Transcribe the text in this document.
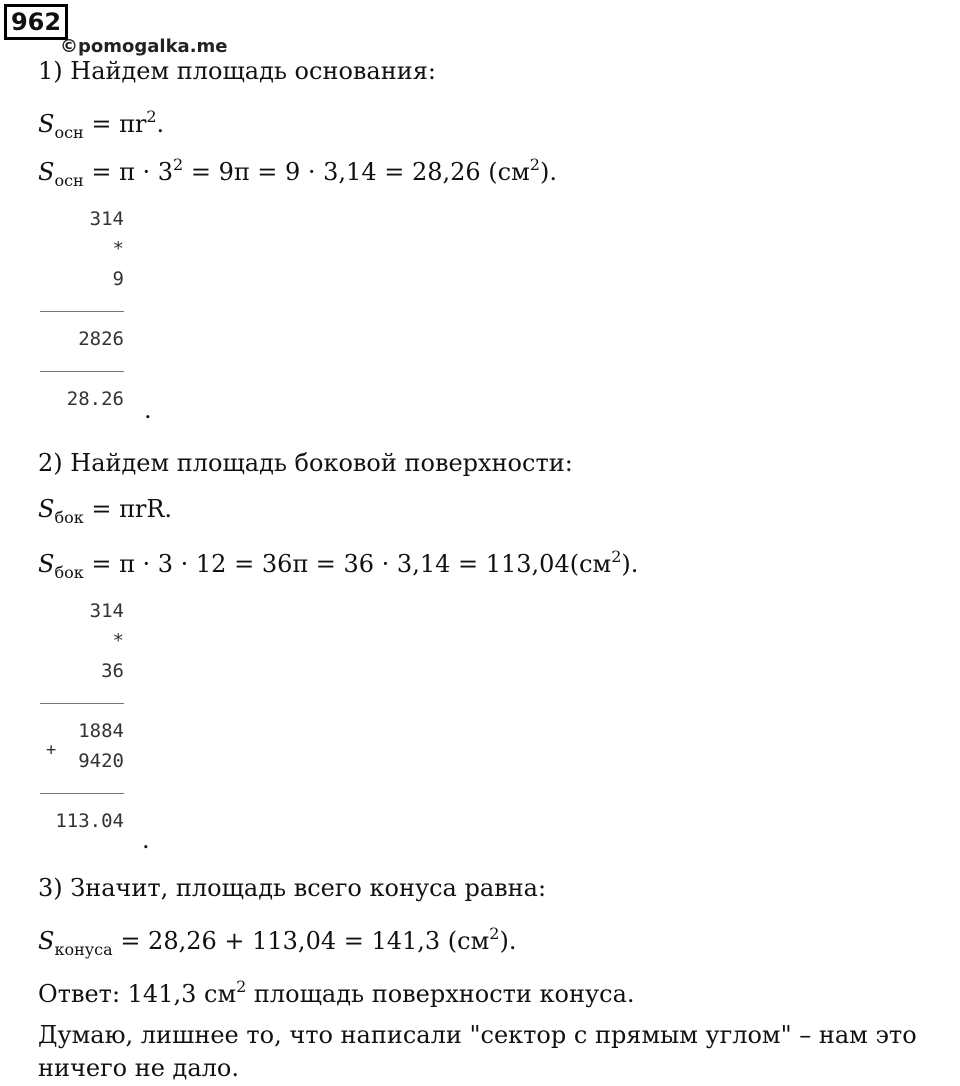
962
©pomogalka.me
1) Найдем площадь основания:
$S_{осн} = \pi r^2$.
$S_{осн} = \pi \cdot 3^2 = 9\pi = 9 \cdot 3,14 = 28,26$ $(см^2)$.
314
*
9
2826
28.26 .
2) Найдем площадь боковой поверхности:
$S_{бок} = \pi rR$.
$S_{бок} = \pi \cdot 3 \cdot 12 = 36\pi = 36 \cdot 3,14 = 113,04(см^2)$.
314
*
36
1884
9420
+
113.04
.
3) Значит, площадь всего конуса равна:
$S_{конуса} = 28,26 + 113,04 = 141,3$ $(см^2)$.
Ответ: 141,3 $см^2$ площадь поверхности конуса.
Думаю, лишнее то, что написали "сектор с прямым углом" – нам это
ничего не дало.
